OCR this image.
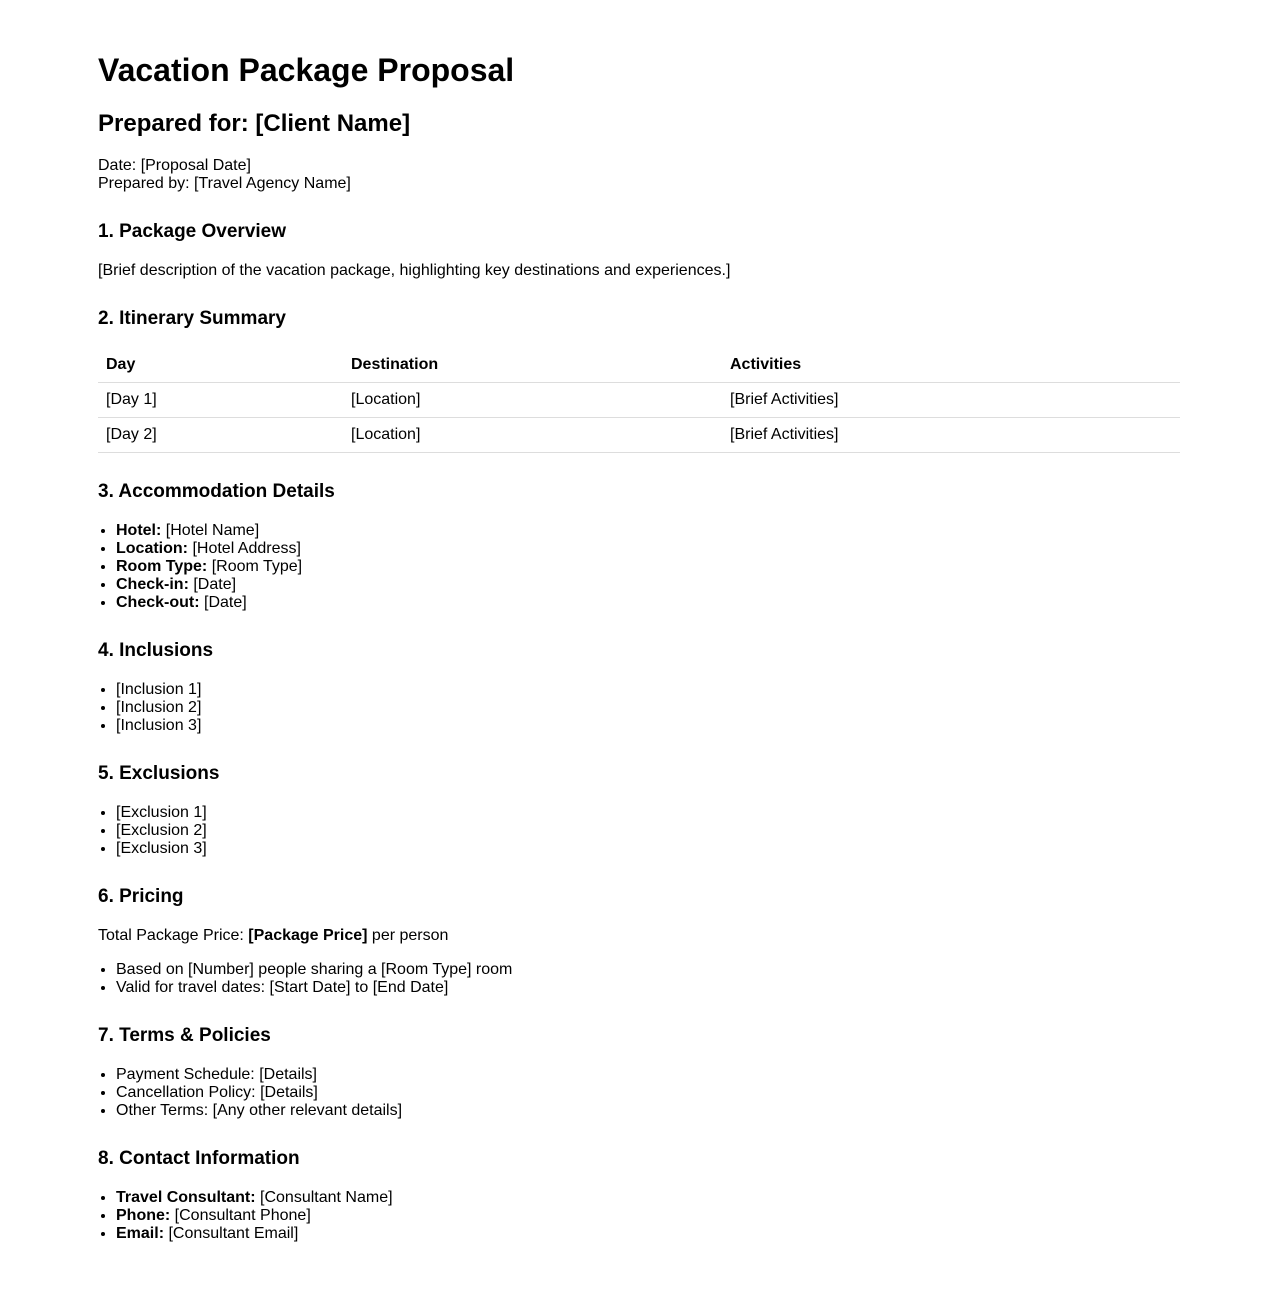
Vacation Package Proposal
Prepared for: [Client Name]
Date: [Proposal Date]
Prepared by: [Travel Agency Name]
1. Package Overview

[Brief description of the vacation package, highlighting key destinations and experiences.]

2. Itinerary Summary
Day	Destination	Activities
[Day 1]	[Location]	[Brief Activities]
[Day 2]	[Location]	[Brief Activities]
3. Accommodation Details
• Hotel: [Hotel Name]
• Location: [Hotel Address]
• Room Type: [Room Type]
• Check-in: [Date]
• Check-out: [Date]
4. Inclusions
• [Inclusion 1]
• [Inclusion 2]
• [Inclusion 3]
5. Exclusions
• [Exclusion 1]
• [Exclusion 2]
• [Exclusion 3]
6. Pricing

Total Package Price: [Package Price] per person

• Based on [Number] people sharing a [Room Type] room
• Valid for travel dates: [Start Date] to [End Date]
7. Terms & Policies
• Payment Schedule: [Details]
• Cancellation Policy: [Details]
• Other Terms: [Any other relevant details]
8. Contact Information
• Travel Consultant: [Consultant Name]
• Phone: [Consultant Phone]
• Email: [Consultant Email]
